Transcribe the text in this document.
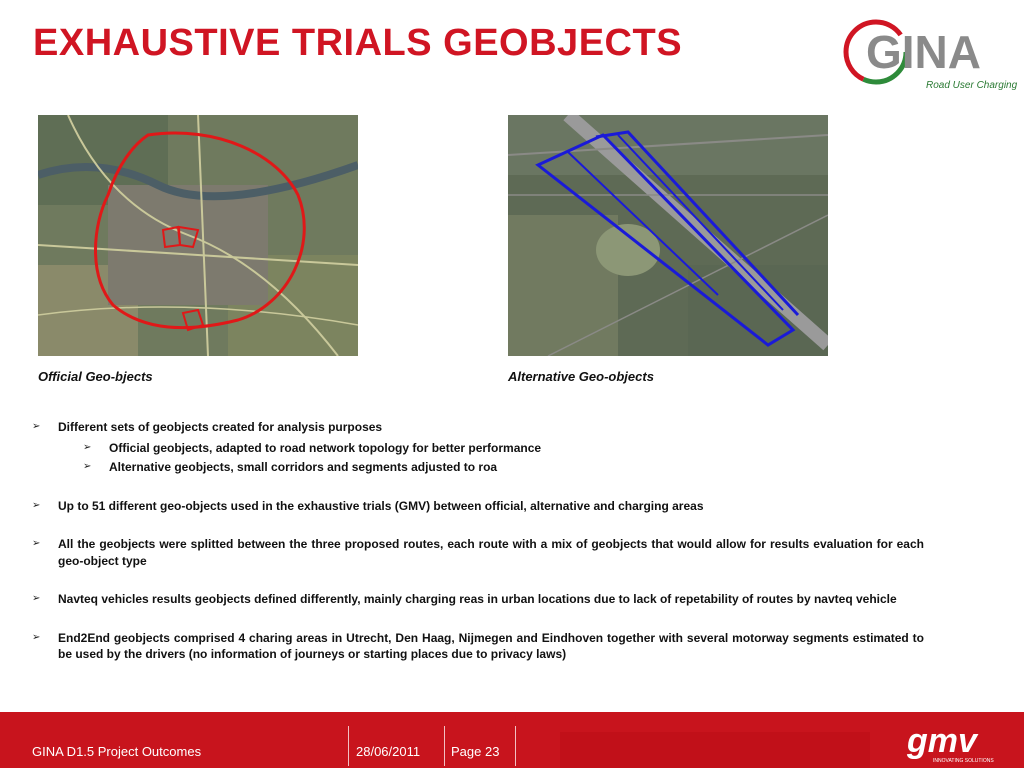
EXHAUSTIVE TRIALS GEOBJECTS	GINA
Road User Charging
Official Geo-bjects	Alternative Geo-objects
➢ Different sets of geobjects created for analysis purposes
➢ Official geobjects, adapted to road network topology for better performance
➢ Alternative geobjects, small corridors and segments adjusted to roa
➢ Up to 51 different geo-objects used in the exhaustive trials (GMV) between official, alternative and charging areas
➢ All the geobjects were splitted between the three proposed routes, each route with a mix of geobjects that would allow for results evaluation for each geo-object type
➢ Navteq vehicles results geobjects defined differently, mainly charging reas in urban locations due to lack of repetability of routes by navteq vehicle
➢ End2End geobjects comprised 4 charing areas in Utrecht, Den Haag, Nijmegen and Eindhoven together with several motorway segments estimated to be used by the drivers (no information of journeys or starting places due to privacy laws)
GINA D1.5 Project Outcomes	28/06/2011 Page 23	gmv
INNOVATING SOLUTIONS
